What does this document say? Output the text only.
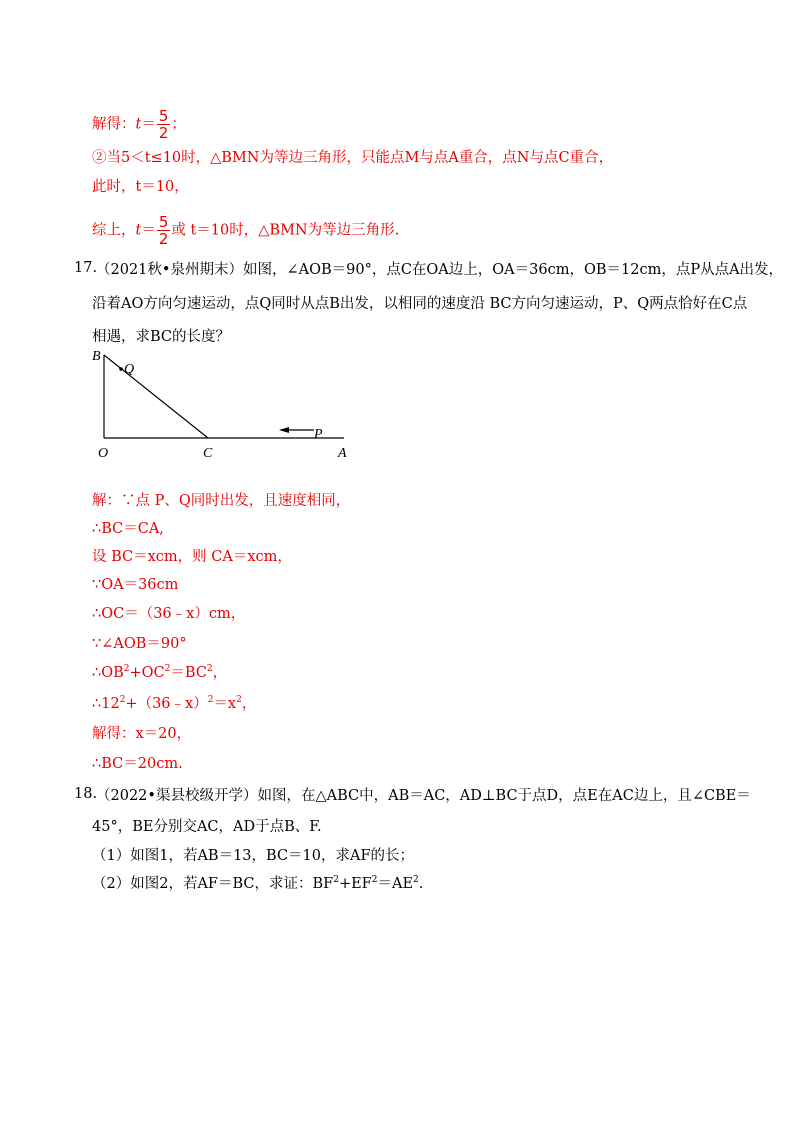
解得：$t= \frac{5}{2}$ ；
②当5＜t≤10时，△BMN为等边三角形，只能点M与点A重合，点N与点C重合，
此时，t＝10，
综上，$t= \frac{5}{2}$ 或 t＝10时，△BMN为等边三角形.
17.
（2021秋•泉州期末）如图，∠AOB＝90°，点C在OA边上，OA＝36cm，OB＝12cm，点P从点A出发，
沿着AO方向匀速运动，点Q同时从点B出发，以相同的速度沿 BC方向匀速运动，P、Q两点恰好在C点
相遇，求BC的长度？
B
Q
O	C	A
P
解：∵点 P、Q同时出发，且速度相同，
∴BC＝CA,
设 BC＝xcm，则 CA＝xcm，
∵OA＝36cm
∴OC＝（36﹣x）cm，
∵∠AOB＝90°
$\therefore OB^2+OC^2=BC^2$，
$\therefore 12^2+(36﹣x)^2=x^2$，
解得：x＝20，
∴BC＝20cm.
18.
（2022•渠县校级开学）如图，在△ABC中，AB＝AC，AD⊥BC于点D，点E在AC边上，且∠CBE＝
45°，BE分别交AC，AD于点B、F.
（1）如图1，若AB＝13，BC＝10，求AF的长；
（2）如图2，若AF＝BC，求证：$BF^2+EF^2=AE^2$.
